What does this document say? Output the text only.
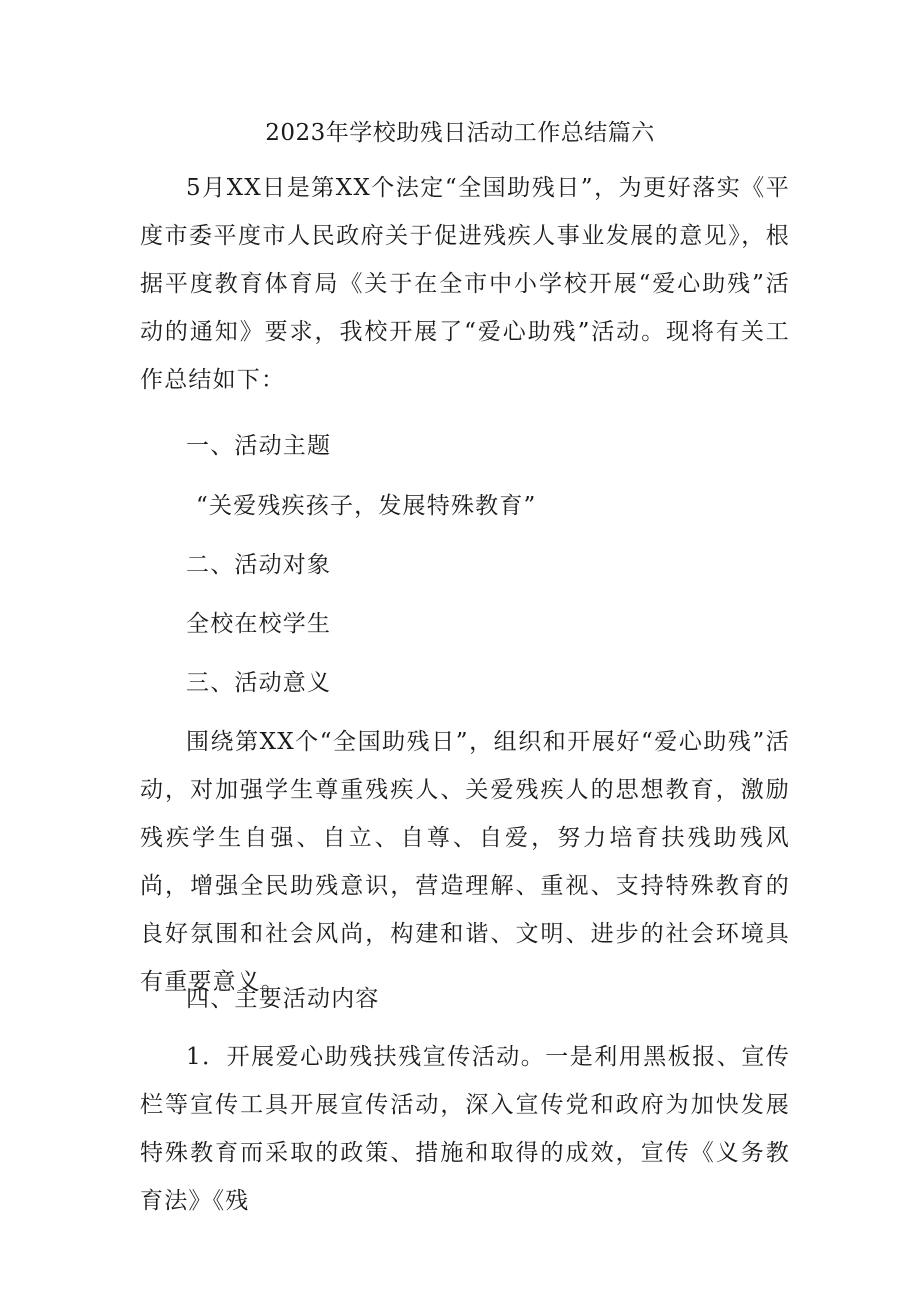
2023年学校助残日活动工作总结篇六

5月XX日是第XX个法定“全国助残日”，为更好落实《平度市委平度市人民政府关于促进残疾人事业发展的意见》，根据平度教育体育局《关于在全市中小学校开展“爱心助残”活动的通知》要求，我校开展了“爱心助残”活动。现将有关工作总结如下：

一、活动主题

“关爱残疾孩子，发展特殊教育”

二、活动对象

全校在校学生

三、活动意义

围绕第XX个“全国助残日”，组织和开展好“爱心助残”活动，对加强学生尊重残疾人、关爱残疾人的思想教育，激励残疾学生自强、自立、自尊、自爱，努力培育扶残助残风尚，增强全民助残意识，营造理解、重视、支持特殊教育的良好氛围和社会风尚，构建和谐、文明、进步的社会环境具有重要意义。

四、主要活动内容

1．开展爱心助残扶残宣传活动。一是利用黑板报、宣传栏等宣传工具开展宣传活动，深入宣传党和政府为加快发展特殊教育而采取的政策、措施和取得的成效，宣传《义务教育法》《残
